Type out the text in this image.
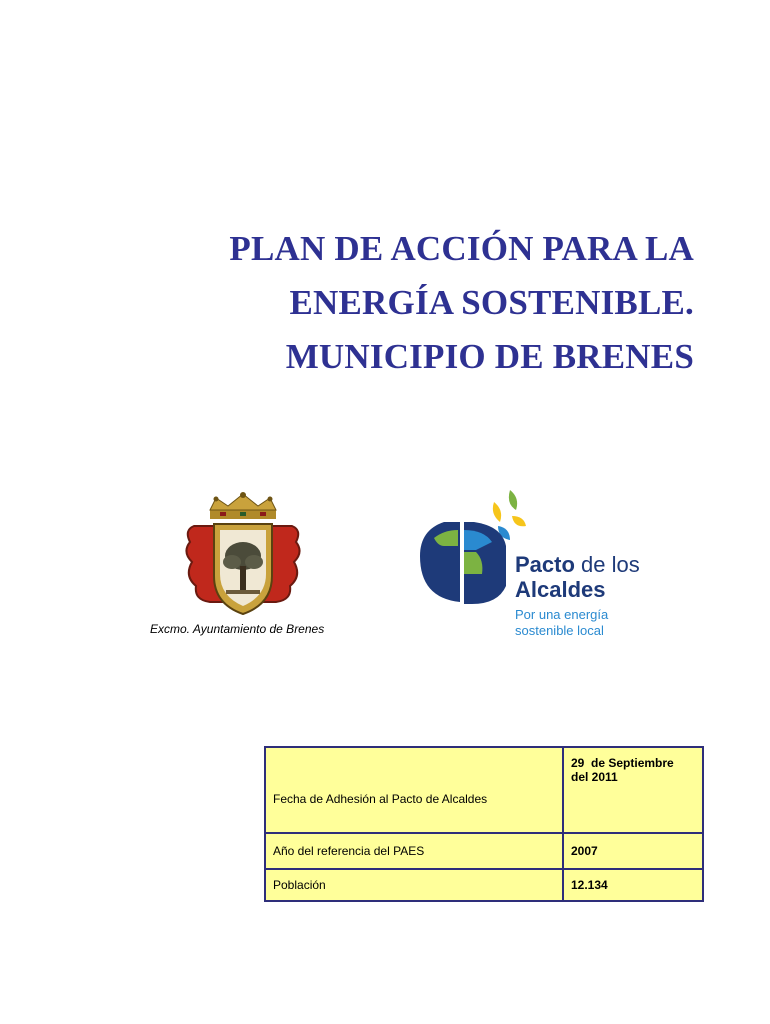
PLAN DE ACCIÓN PARA LA
ENERGÍA SOSTENIBLE.
MUNICIPIO DE BRENES
Excmo. Ayuntamiento de Brenes
Pacto de los
Alcaldes
Por una energía
sostenible local
Fecha de Adhesión al Pacto de Alcaldes	29  de Septiembre
del 2011

Año del referencia del PAES	2007
Población	12.134
